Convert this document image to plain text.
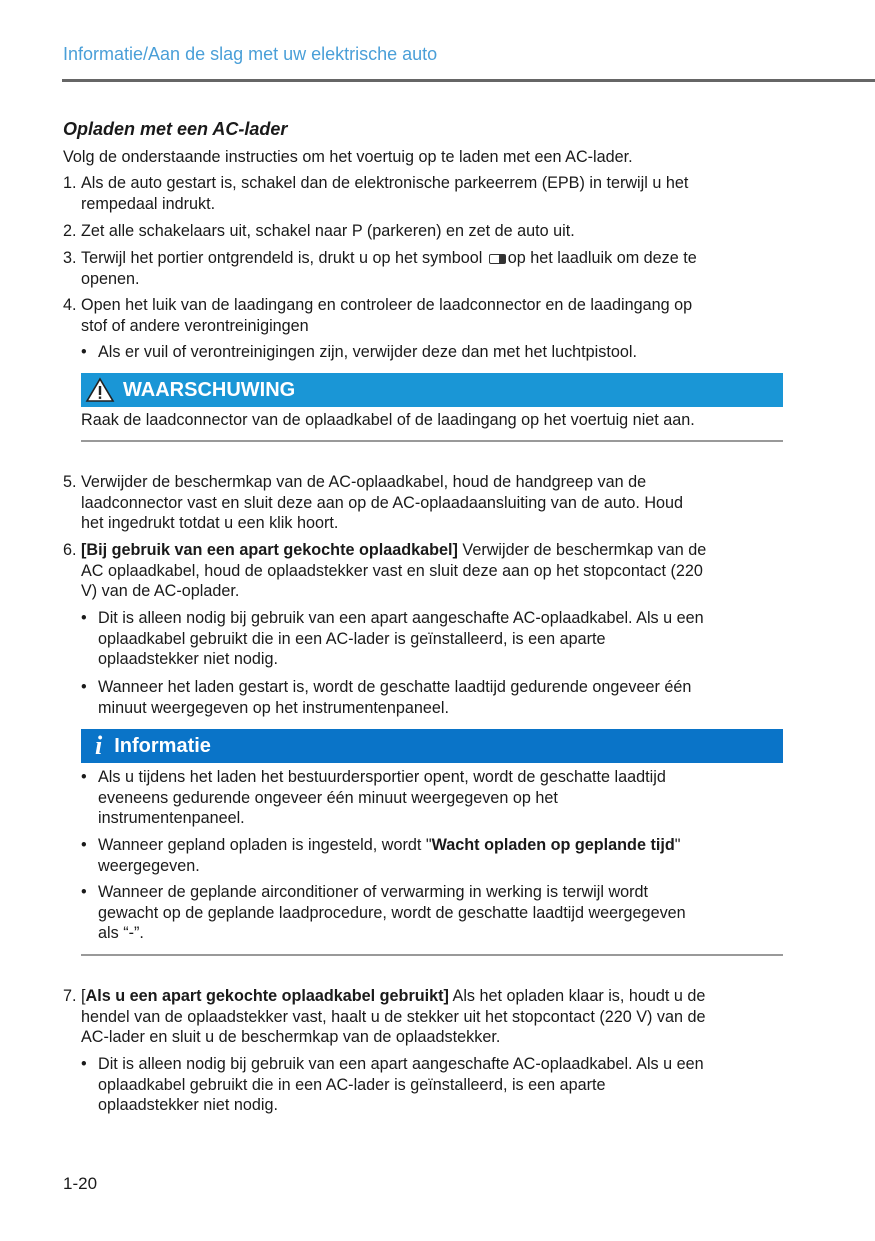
Informatie/Aan de slag met uw elektrische auto
Opladen met een AC-lader
Volg de onderstaande instructies om het voertuig op te laden met een AC-lader.
1. Als de auto gestart is, schakel dan de elektronische parkeerrem (EPB) in terwijl u het
rempedaal indrukt.
2. Zet alle schakelaars uit, schakel naar P (parkeren) en zet de auto uit.
3. Terwijl het portier ontgrendeld is, drukt u op het symbool op het laadluik om deze te
openen.
4. Open het luik van de laadingang en controleer de laadconnector en de laadingang op
stof of andere verontreinigingen
• Als er vuil of verontreinigingen zijn, verwijder deze dan met het luchtpistool.
WAARSCHUWING
Raak de laadconnector van de oplaadkabel of de laadingang op het voertuig niet aan.
5. Verwijder de beschermkap van de AC-oplaadkabel, houd de handgreep van de
laadconnector vast en sluit deze aan op de AC-oplaadaansluiting van de auto. Houd
het ingedrukt totdat u een klik hoort.
6. [Bij gebruik van een apart gekochte oplaadkabel] Verwijder de beschermkap van de
AC oplaadkabel, houd de oplaadstekker vast en sluit deze aan op het stopcontact (220
V) van de AC-oplader.
• Dit is alleen nodig bij gebruik van een apart aangeschafte AC-oplaadkabel. Als u een
oplaadkabel gebruikt die in een AC-lader is geïnstalleerd, is een aparte
oplaadstekker niet nodig.
• Wanneer het laden gestart is, wordt de geschatte laadtijd gedurende ongeveer één
minuut weergegeven op het instrumentenpaneel.
i Informatie
• Als u tijdens het laden het bestuurdersportier opent, wordt de geschatte laadtijd
eveneens gedurende ongeveer één minuut weergegeven op het
instrumentenpaneel.
• Wanneer gepland opladen is ingesteld, wordt "Wacht opladen op geplande tijd"
weergegeven.
• Wanneer de geplande airconditioner of verwarming in werking is terwijl wordt
gewacht op de geplande laadprocedure, wordt de geschatte laadtijd weergegeven
als “-”.
7. [Als u een apart gekochte oplaadkabel gebruikt] Als het opladen klaar is, houdt u de
hendel van de oplaadstekker vast, haalt u de stekker uit het stopcontact (220 V) van de
AC-lader en sluit u de beschermkap van de oplaadstekker.
• Dit is alleen nodig bij gebruik van een apart aangeschafte AC-oplaadkabel. Als u een
oplaadkabel gebruikt die in een AC-lader is geïnstalleerd, is een aparte
oplaadstekker niet nodig.
1-20
